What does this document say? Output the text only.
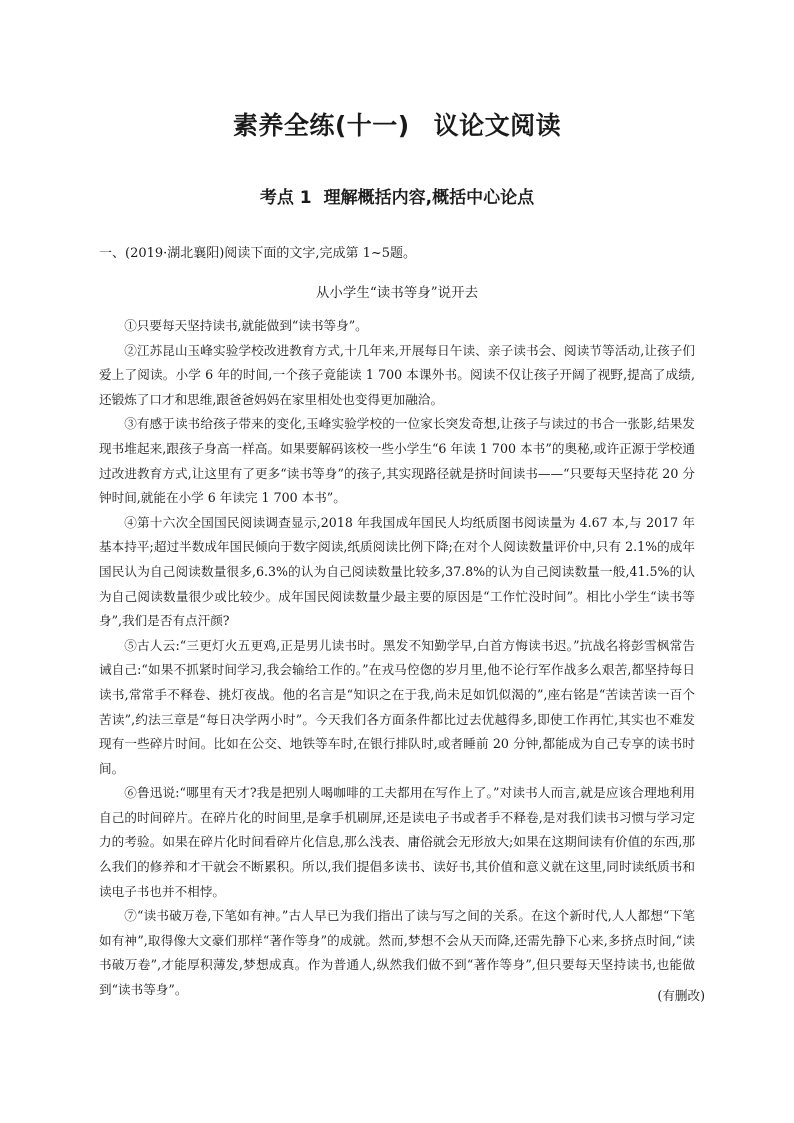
素养全练(十一) 议论文阅读
考点 1 理解概括内容,概括中心论点
一、(2019·湖北襄阳)阅读下面的文字,完成第 1~5题。
从小学生“读书等身”说开去

①只要每天坚持读书,就能做到“读书等身”。

②江苏昆山玉峰实验学校改进教育方式,十几年来,开展每日午读、亲子读书会、阅读节等活动,让孩子们爱上了阅读。小学 6 年的时间,一个孩子竟能读 1 700 本课外书。阅读不仅让孩子开阔了视野,提高了成绩,还锻炼了口才和思维,跟爸爸妈妈在家里相处也变得更加融洽。

③有感于读书给孩子带来的变化,玉峰实验学校的一位家长突发奇想,让孩子与读过的书合一张影,结果发现书堆起来,跟孩子身高一样高。如果要解码该校一些小学生“6 年读 1 700 本书”的奥秘,或许正源于学校通过改进教育方式,让这里有了更多“读书等身”的孩子,其实现路径就是挤时间读书——“只要每天坚持花 20 分钟时间,就能在小学 6 年读完 1 700 本书”。

④第十六次全国国民阅读调查显示,2018 年我国成年国民人均纸质图书阅读量为 4.67 本,与 2017 年基本持平;超过半数成年国民倾向于数字阅读,纸质阅读比例下降;在对个人阅读数量评价中,只有 2.1%的成年国民认为自己阅读数量很多,6.3%的认为自己阅读数量比较多,37.8%的认为自己阅读数量一般,41.5%的认为自己阅读数量很少或比较少。成年国民阅读数量少最主要的原因是“工作忙没时间”。相比小学生“读书等身”,我们是否有点汗颜?

⑤古人云:“三更灯火五更鸡,正是男儿读书时。黑发不知勤学早,白首方悔读书迟。”抗战名将彭雪枫常告诫自己:“如果不抓紧时间学习,我会输给工作的。”在戎马倥偬的岁月里,他不论行军作战多么艰苦,都坚持每日读书,常常手不释卷、挑灯夜战。他的名言是“知识之在于我,尚未足如饥似渴的”,座右铭是“苦读苦读一百个苦读”,约法三章是“每日决学两小时”。今天我们各方面条件都比过去优越得多,即使工作再忙,其实也不难发现有一些碎片时间。比如在公交、地铁等车时,在银行排队时,或者睡前 20 分钟,都能成为自己专享的读书时间。

⑥鲁迅说:“哪里有天才?我是把别人喝咖啡的工夫都用在写作上了。”对读书人而言,就是应该合理地利用自己的时间碎片。在碎片化的时间里,是拿手机刷屏,还是读电子书或者手不释卷,是对我们读书习惯与学习定力的考验。如果在碎片化时间看碎片化信息,那么浅表、庸俗就会无形放大;如果在这期间读有价值的东西,那么我们的修养和才干就会不断累积。所以,我们提倡多读书、读好书,其价值和意义就在这里,同时读纸质书和读电子书也并不相悖。

⑦“读书破万卷,下笔如有神。”古人早已为我们指出了读与写之间的关系。在这个新时代,人人都想“下笔如有神”,取得像大文豪们那样“著作等身”的成就。然而,梦想不会从天而降,还需先静下心来,多挤点时间,“读书破万卷”,才能厚积薄发,梦想成真。作为普通人,纵然我们做不到“著作等身”,但只要每天坚持读书,也能做到“读书等身”。	(有删改)
